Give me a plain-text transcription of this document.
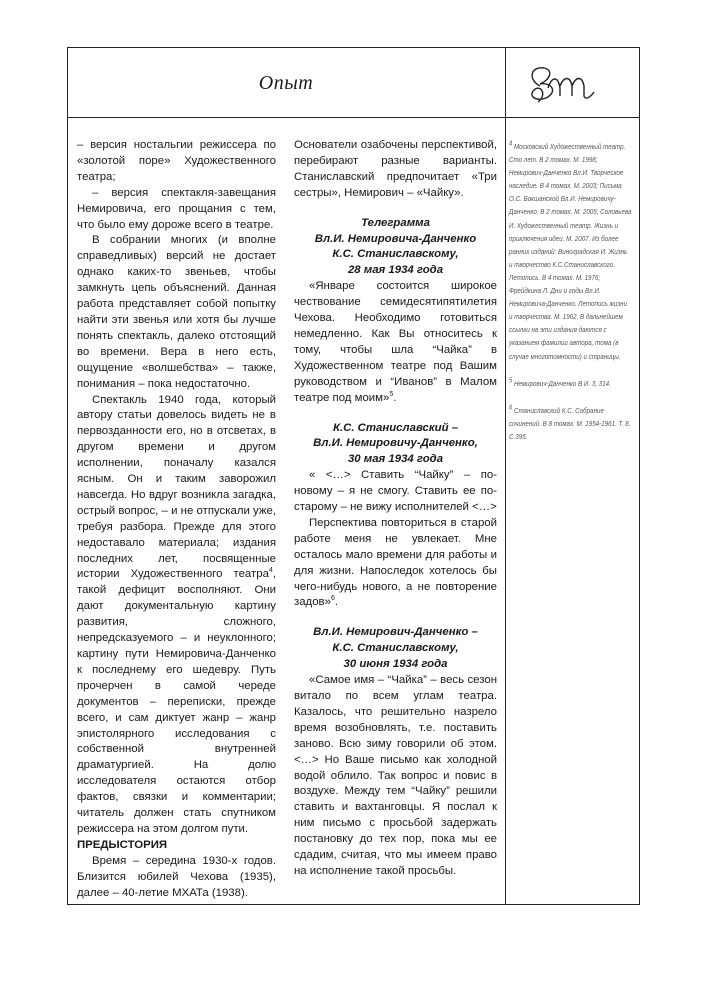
Опыт

– версия ностальгии режиссера по «золотой поре» Художественного театра;

– версия спектакля-завещания Немировича, его прощания с тем, что было ему дороже всего в театре.

В собрании многих (и вполне справедливых) версий не достает однако каких-то звеньев, чтобы замкнуть цепь объяснений. Данная работа представляет собой попытку найти эти звенья или хотя бы лучше понять спектакль, далеко отстоящий во времени. Вера в него есть, ощущение «волшебства» – также, понимания – пока недостаточно.

Спектакль 1940 года, который автору статьи довелось видеть не в первозданности его, но в отсветах, в другом времени и другом исполнении, поначалу казался ясным. Он и таким заворожил навсегда. Но вдруг возникла загадка, острый вопрос, – и не отпускали уже, требуя разбора. Прежде для этого недоставало материала; издания последних лет, посвященные истории Художественного театра$^4$, такой дефицит восполняют. Они дают документальную картину развития, сложного, непредсказуемого – и неуклонного; картину пути Немировича-Данченко к последнему его шедевру. Путь прочерчен в самой череде документов – переписки, прежде всего, и сам диктует жанр – жанр эпистолярного исследования с собственной внутренней драматургией. На долю исследователя остаются отбор фактов, связки и комментарии; читатель должен стать спутником режиссера на этом долгом пути.

ПРЕДЫСТОРИЯ

Время – середина 1930-х годов. Близится юбилей Чехова (1935), далее – 40-летие МХАТа (1938).

Основатели озабочены перспективой, перебирают разные варианты. Станиславский предпочитает «Три сестры», Немирович – «Чайку».

Телеграмма
Вл.И. Немировича-Данченко
К.С. Станиславскому,
28 мая 1934 года

«Январе состоится широкое чествование семидесятипятилетия Чехова. Необходимо готовиться немедленно. Как Вы относитесь к тому, чтобы шла “Чайка” в Художественном театре под Вашим руководством и “Иванов” в Малом театре под моим»$^5$.

К.С. Станиславский –
Вл.И. Немировичу-Данченко,
30 мая 1934 года

« <…> Ставить “Чайку” – по-новому – я не смогу. Ставить ее по-старому – не вижу исполнителей <…>

Перспектива повториться в старой работе меня не увлекает. Мне осталось мало времени для работы и для жизни. Напоследок хотелось бы чего-нибудь нового, а не повторение задов»$^6$.

Вл.И. Немирович-Данченко –
К.С. Станиславскому,
30 июня 1934 года

«Самое имя – “Чайка” – весь сезон витало по всем углам театра. Казалось, что решительно назрело время возобновлять, т.е. поставить заново. Всю зиму говорили об этом. <…> Но Ваше письмо как холодной водой облило. Так вопрос и повис в воздухе. Между тем “Чайку” решили ставить и вахтанговцы. Я послал к ним письмо с просьбой задержать постановку до тех пор, пока мы ее сдадим, считая, что мы имеем право на исполнение такой просьбы.

$^4$ Московский Художественный театр. Сто лет. В 2 томах. М. 1998; Немирович-Данченко Вл.И. Творческое наследие. В 4 томах. М. 2003; Письма О.С. Бокшанской Вл.И. Немировичу-Данченко. В 2 томах. М. 2005; Соловьева И. Художественный театр. Жизнь и приключения идеи. М. 2007. Из более ранних изданий: Виноградская И. Жизнь и творчество К.С.Станиславского. Летопись. В 4 томах. М. 1976; Фрейдкина Л. Дни и годы Вл.И. Немировича-Данченко. Летопись жизни и творчества. М. 1962. В дальнейшем ссылки на эти издания даются с указанием фамилии автора, тома (в случае многотомности) и страницы.

$^5$ Немирович-Данченко В.И. 3, 314.

$^6$ Станиславский К.С. Собрание сочинений. В 8 томах. М. 1954-1961. Т. 8. С.395.
